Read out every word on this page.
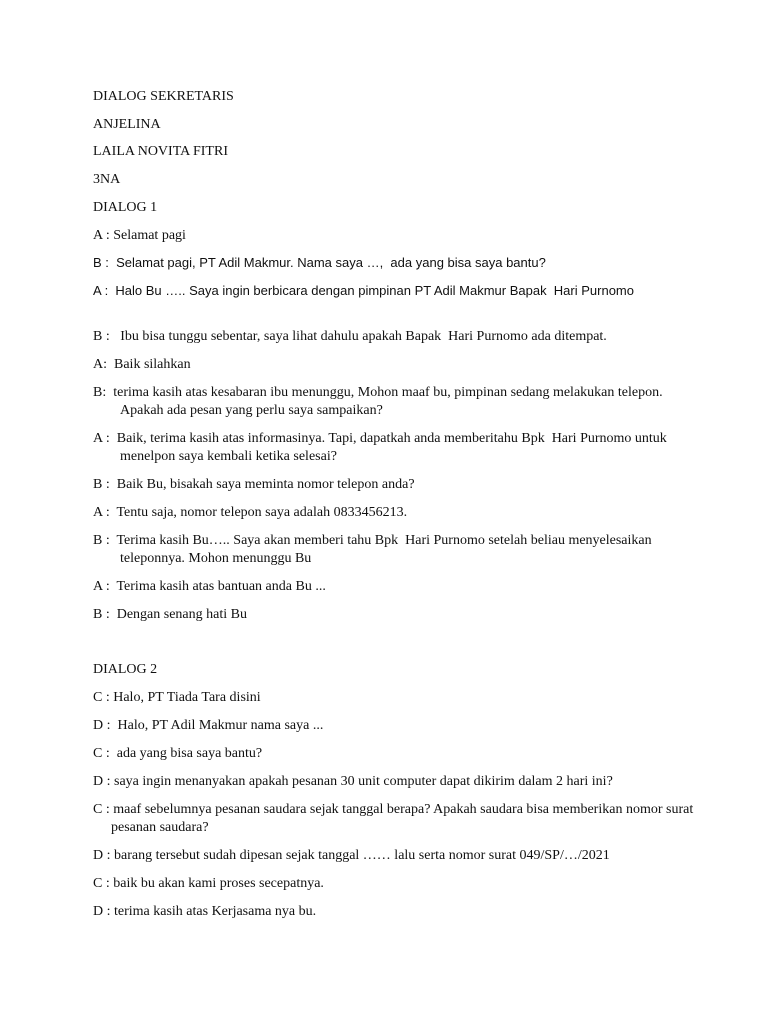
DIALOG SEKRETARIS

ANJELINA

LAILA NOVITA FITRI

3NA

DIALOG 1

A : Selamat pagi

B :  Selamat pagi, PT Adil Makmur. Nama saya …,  ada yang bisa saya bantu?

A :  Halo Bu ….. Saya ingin berbicara dengan pimpinan PT Adil Makmur Bapak  Hari Purnomo

B :   Ibu bisa tunggu sebentar, saya lihat dahulu apakah Bapak  Hari Purnomo ada ditempat.

A:  Baik silahkan

B:  terima kasih atas kesabaran ibu menunggu, Mohon maaf bu, pimpinan sedang melakukan telepon.  Apakah ada pesan yang perlu saya sampaikan?

A :  Baik, terima kasih atas informasinya. Tapi, dapatkah anda memberitahu Bpk  Hari Purnomo untuk menelpon saya kembali ketika selesai?

B :  Baik Bu, bisakah saya meminta nomor telepon anda?

A :  Tentu saja, nomor telepon saya adalah 0833456213.

B :  Terima kasih Bu….. Saya akan memberi tahu Bpk  Hari Purnomo setelah beliau menyelesaikan teleponnya. Mohon menunggu Bu

A :  Terima kasih atas bantuan anda Bu ...

B :  Dengan senang hati Bu

DIALOG 2

C : Halo, PT Tiada Tara disini

D :  Halo, PT Adil Makmur nama saya ...

C :  ada yang bisa saya bantu?

D : saya ingin menanyakan apakah pesanan 30 unit computer dapat dikirim dalam 2 hari ini?

C : maaf sebelumnya pesanan saudara sejak tanggal berapa? Apakah saudara bisa memberikan nomor surat pesanan saudara?

D : barang tersebut sudah dipesan sejak tanggal …… lalu serta nomor surat 049/SP/…/2021

C : baik bu akan kami proses secepatnya.

D : terima kasih atas Kerjasama nya bu.
